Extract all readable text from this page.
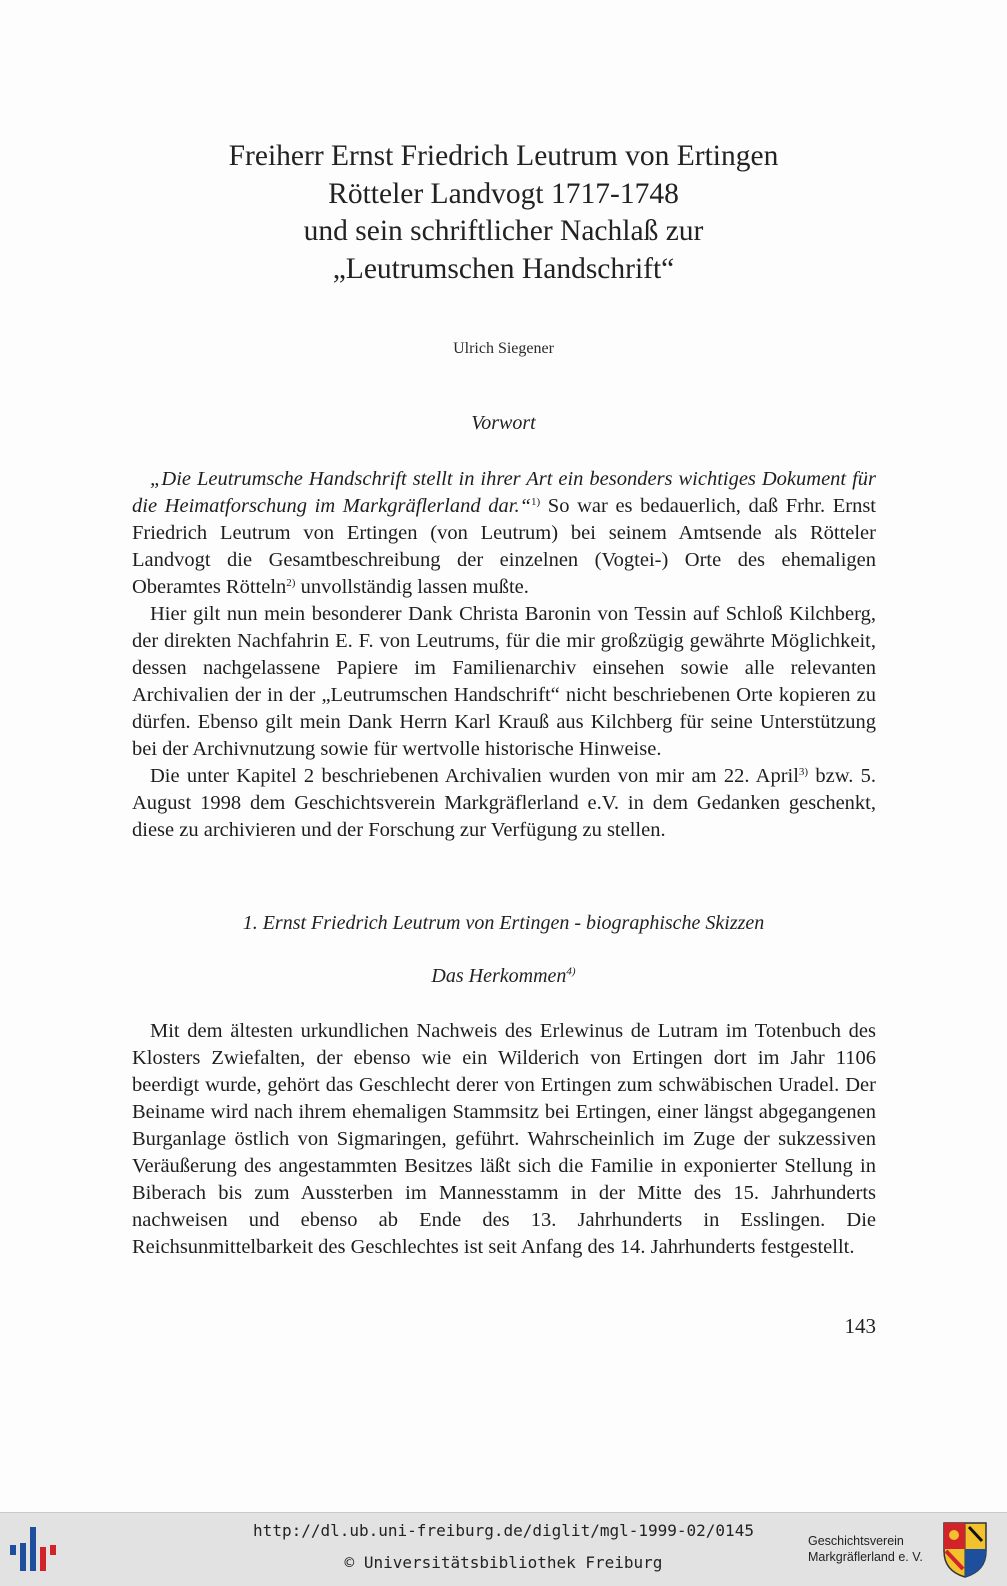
Freiherr Ernst Friedrich Leutrum von Ertingen
Rötteler Landvogt 1717-1748
und sein schriftlicher Nachlaß zur
„Leutrumschen Handschrift“
Ulrich Siegener
Vorwort

„Die Leutrumsche Handschrift stellt in ihrer Art ein besonders wichtiges Dokument für die Heimatforschung im Markgräflerland dar.“$^{1)}$ So war es bedauerlich, daß Frhr. Ernst Friedrich Leutrum von Ertingen (von Leutrum) bei seinem Amtsende als Rötteler Landvogt die Gesamtbeschreibung der einzelnen (Vogtei-) Orte des ehemaligen Oberamtes Rötteln$^{2)}$ unvollständig lassen mußte.

Hier gilt nun mein besonderer Dank Christa Baronin von Tessin auf Schloß Kilchberg, der direkten Nachfahrin E. F. von Leutrums, für die mir großzügig gewährte Möglichkeit, dessen nachgelassene Papiere im Familienarchiv einsehen sowie alle relevanten Archivalien der in der „Leutrumschen Handschrift“ nicht beschriebenen Orte kopieren zu dürfen. Ebenso gilt mein Dank Herrn Karl Krauß aus Kilchberg für seine Unterstützung bei der Archivnutzung sowie für wertvolle historische Hinweise.

Die unter Kapitel 2 beschriebenen Archivalien wurden von mir am 22. April$^{3)}$ bzw. 5. August 1998 dem Geschichtsverein Markgräflerland e.V. in dem Gedanken geschenkt, diese zu archivieren und der Forschung zur Verfügung zu stellen.

1. Ernst Friedrich Leutrum von Ertingen - biographische Skizzen
Das Herkommen$^{4)}$

Mit dem ältesten urkundlichen Nachweis des Erlewinus de Lutram im Totenbuch des Klosters Zwiefalten, der ebenso wie ein Wilderich von Ertingen dort im Jahr 1106 beerdigt wurde, gehört das Geschlecht derer von Ertingen zum schwäbischen Uradel. Der Beiname wird nach ihrem ehemaligen Stammsitz bei Ertingen, einer längst abgegangenen Burganlage östlich von Sigmaringen, geführt. Wahrscheinlich im Zuge der sukzessiven Veräußerung des angestammten Besitzes läßt sich die Familie in exponierter Stellung in Biberach bis zum Aussterben im Mannesstamm in der Mitte des 15. Jahrhunderts nachweisen und ebenso ab Ende des 13. Jahrhunderts in Esslingen. Die Reichsunmittelbarkeit des Geschlechtes ist seit Anfang des 14. Jahrhunderts festgestellt.

143
http://dl.ub.uni-freiburg.de/diglit/mgl-1999-02/0145
© Universitätsbibliothek Freiburg
Geschichtsverein
Markgräflerland e. V.
